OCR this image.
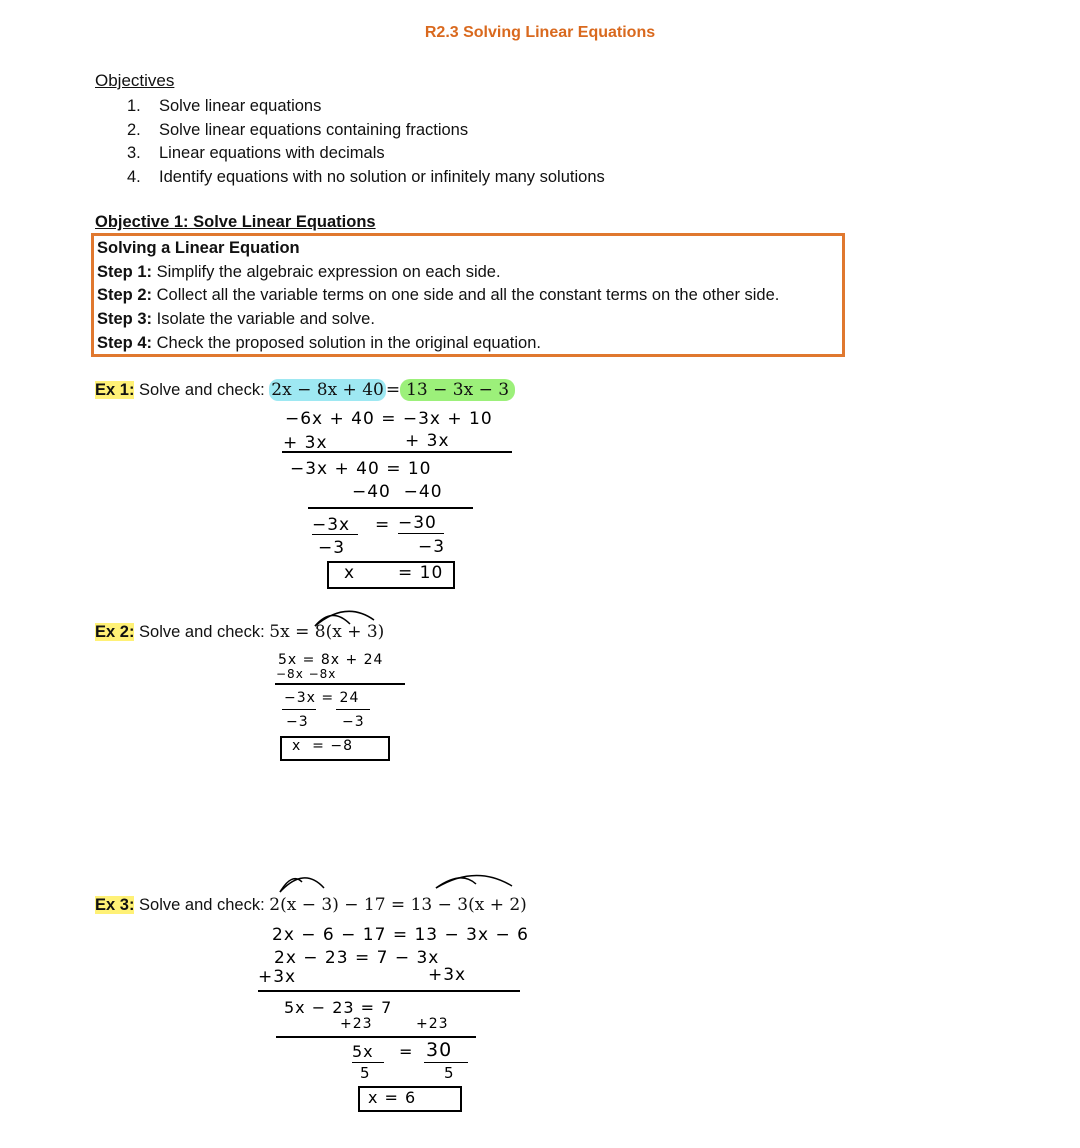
R2.3 Solving Linear Equations
Objectives
1. Solve linear equations
2. Solve linear equations containing fractions
3. Linear equations with decimals
4. Identify equations with no solution or infinitely many solutions
Objective 1: Solve Linear Equations
Solving a Linear Equation
Step 1: Simplify the algebraic expression on each side.
Step 2: Collect all the variable terms on one side and all the constant terms on the other side.
Step 3: Isolate the variable and solve.
Step 4: Check the proposed solution in the original equation.
Ex 1: Solve and check: 2x − 8x + 40 = 13 − 3x − 3
−6x + 40 = −3x + 10
+ 3x	+ 3x
−3x + 40 = 10
−40  −40
−3x = −30
−3	−3
x	= 10
Ex 2: Solve and check: 5x = 8(x + 3)
5x = 8x + 24
−8x −8x
−3x = 24
−3 −3
x  = −8
Ex 3: Solve and check: 2(x − 3) − 17 = 13 − 3(x + 2)
2x − 6 − 17 = 13 − 3x − 6
2x − 23 = 7 − 3x
+3x	+3x
5x − 23 = 7
+23	+23
5x = 30
5	5
x = 6
